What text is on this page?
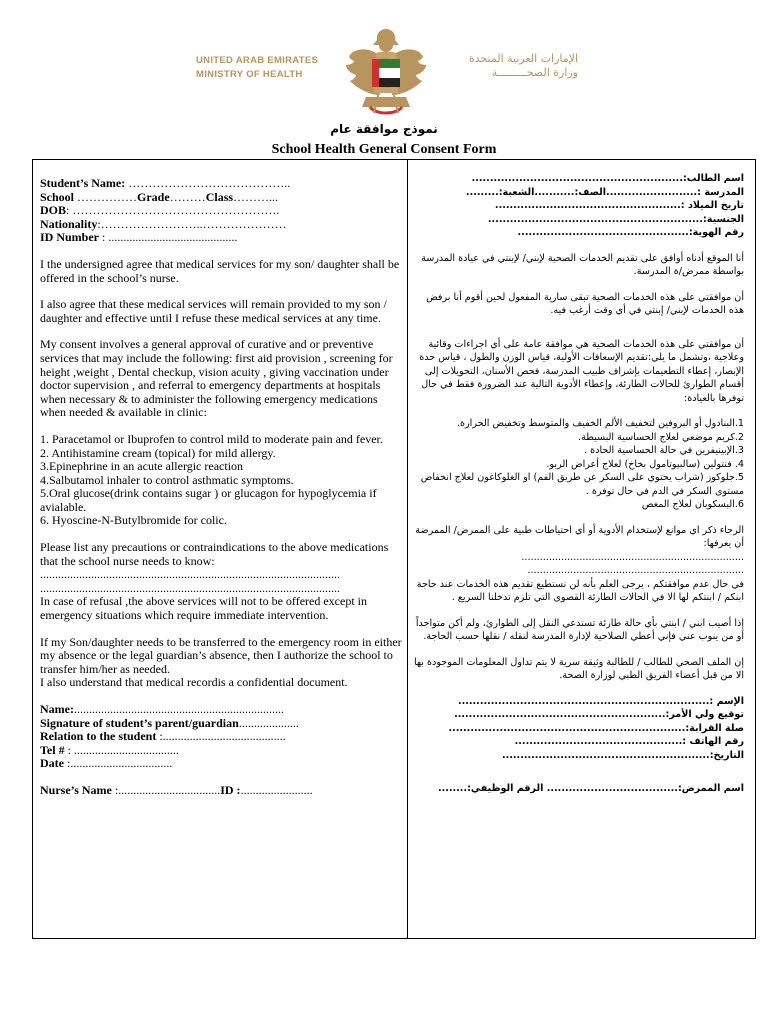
UNITED ARAB EMIRATES
MINISTRY OF HEALTH
الإمارات العربية المتحدة
وزارة الصحـــــــــة
نموذج موافقة عام
School Health General Consent Form

Student’s Name: …………………………………..

School ……………Grade………Class………...

DOB: …………………………………………….

Nationality:……………………..…………………

ID Number : ...........................................

I the undersigned agree that medical services for my son/ daughter shall be offered in the school’s nurse.

I also agree that these medical services will remain provided to my son / daughter and effective until I refuse these medical services at any time.

My consent involves a general approval of curative and or preventive services that may include the following: first aid provision , screening for height ,weight , Dental checkup, vision acuity , giving vaccination under doctor supervision , and referral to emergency departments at hospitals when necessary & to administer the following emergency medications when needed & available in clinic:

1. Paracetamol or Ibuprofen to control mild to moderate pain and fever.

2. Antihistamine cream (topical) for mild allergy.

3.Epinephrine in an acute allergic reaction

4.Salbutamol inhaler to control asthmatic symptoms.

5.Oral glucose(drink contains sugar ) or glucagon for hypoglycemia if avialable.

6. Hyoscine-N-Butylbromide for colic.

Please list any precautions or contraindications to the above medications that the school nurse needs to know:

....................................................................................................

....................................................................................................

In case of refusal ,the above services will not to be offered except in emergency situations which require immediate intervention.

If my Son/daughter needs to be transferred to the emergency room in either my absence or the legal guardian’s absence, then I authorize the school to transfer him/her as needed.

I also understand that medical recordis a confidential document.

Name:......................................................................

Signature of student’s parent/guardian....................

Relation to the student :.........................................

Tel # : ...................................

Date :..................................

Nurse’s Name :..................................ID :........................

اسم الطالب:..........................................................

المدرسة :.........................الصف:...........الشعبة:.........

تاريخ الميلاد :...................................................

الجنسية:...........................................................

رقم الهوية:...............................................

أنا الموقع أدناه أوافق على تقديم الخدمات الصحية لإبني/ لإبنتي في عيادة المدرسة بواسطة ممرض/ة المدرسة.

أن موافقتي على هذه الخدمات الصحية تبقى سارية المفعول لحين أقوم أنا برفض هذه الخدمات لإبني/ إبنتي في أي وقت أرغب فيه.

أن موافقتي على هذه الخدمات الصحية هي موافقة عامة على أي اجراءات وقائية وعلاجية ،وتشمل ما يلي:تقديم الإسعافات الأولية، قياس الوزن والطول ، قياس حدة الإبصار، إعطاء التطعيمات بإشراف طبيب المدرسة، فحص الأسنان، التحويلات إلى أقسام الطوارئ للحالات الطارئة، وإعطاء الأدوية التالية عند الضرورة فقط في حال توفرها بالعيادة:

1.البنادول أو البروفين لتخفيف الألم الخفيف والمتوسط وتخفيض الحرارة.

2.كريم موضعي لعلاج الحساسية البسيطة.

3.الإبينيفرين في حالة الحساسية الحادة .

4. فنتولين (سالبيوتامول بخاخ) لعلاج أعراض الربو.

5.جلوكوز (شراب يحتوي على السكر عن طريق الفم) او الغلوكاغون لعلاج انخفاض مستوى السكر في الدم في حال توفرة .

6.البسكوبان لعلاج المغص

الرجاء ذكر اي موانع لإستخدام الأدوية أو أي احتياطات طبية على الممرض/ الممرضة أن يعرفها:

.........................................................................

.......................................................................

في حال عدم موافقتكم ، يرجى العلم بأنه لن نستطيع تقديم هذه الخدمات عند حاجة ابنكم / ابنتكم لها الا في الحالات الطارئة القصوى التي تلزم تدخلنا السريع .

إذا أصيب ابني / ابنتي بأي حالة طارئة تستدعي النقل إلى الطوارئ، ولم أكن متواجداً أو من ينوب عني فإني أعطي الصلاحية لإدارة المدرسة لنقله / نقلها حسب الحاجة.

إن الملف الصحي للطالب / للطالبة وثيقة سرية لا يتم تداول المعلومات الموجودة بها الا من قبل أعضاء الفريق الطبي لوزارة الصحة.

الإسم :.....................................................................

توقيع ولي الأمر:..........................................................

صلة القرابة:.................................................................

رقم الهاتف :..............................................

التاريخ:.........................................................

اسم الممرض:.................................... الرقم الوظيفي:........
